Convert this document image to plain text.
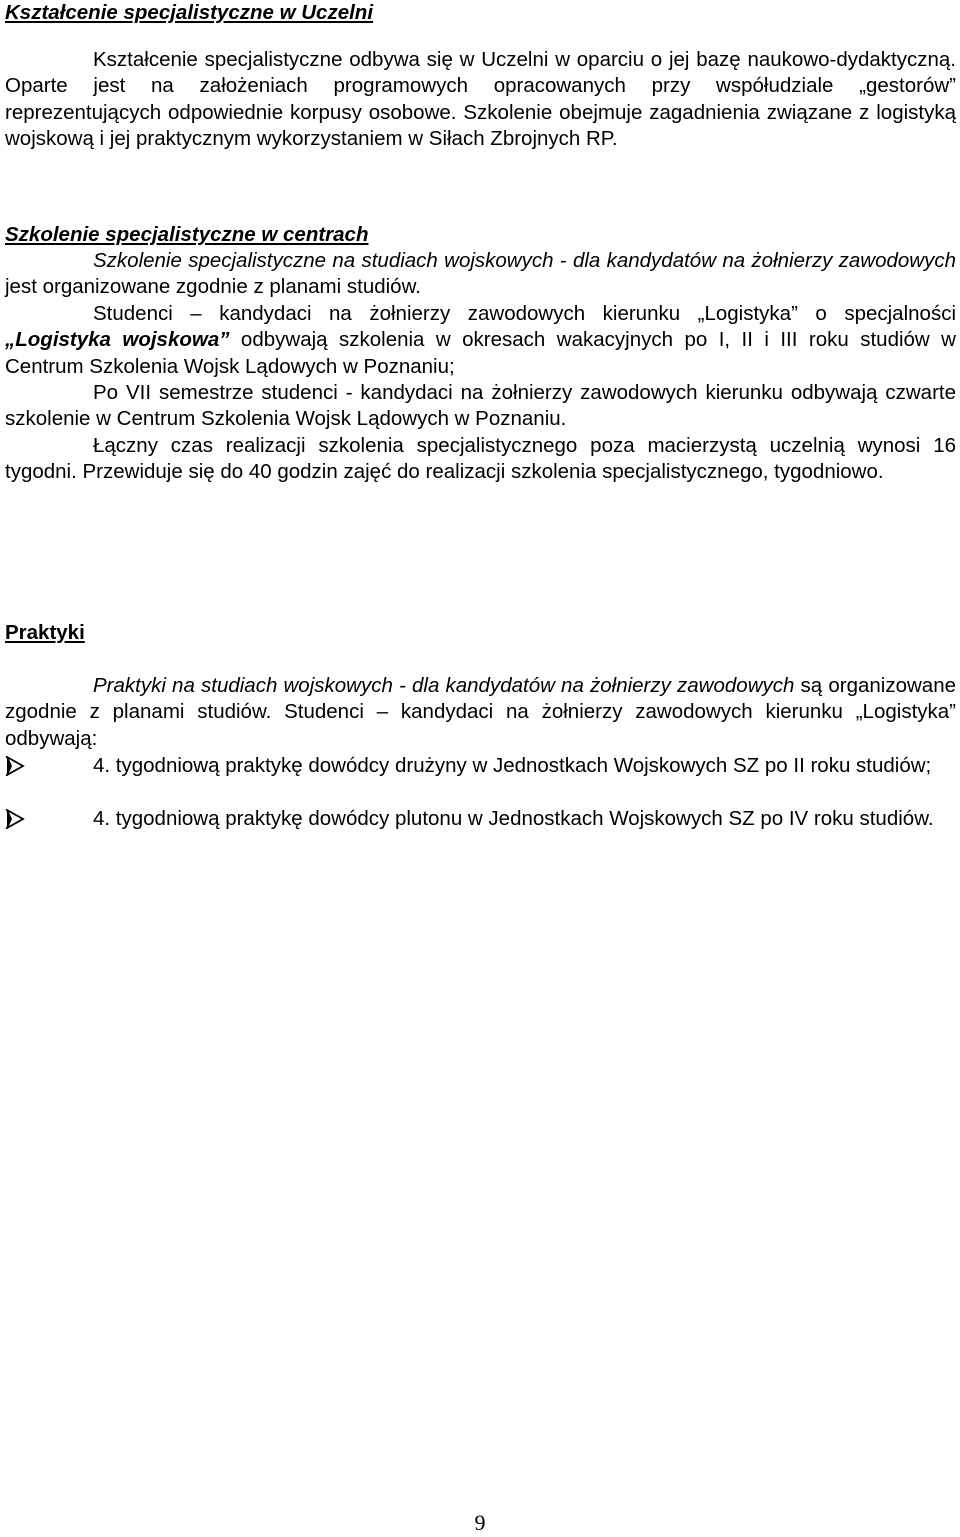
Kształcenie specjalistyczne w Uczelni

Kształcenie specjalistyczne odbywa się w Uczelni w oparciu o jej bazę naukowo-dydaktyczną. Oparte jest na założeniach programowych opracowanych przy współudziale „gestorów” reprezentujących odpowiednie korpusy osobowe. Szkolenie obejmuje zagadnienia związane z logistyką wojskową i jej praktycznym wykorzystaniem w Siłach Zbrojnych RP.

Szkolenie specjalistyczne w centrach

Szkolenie specjalistyczne na studiach wojskowych - dla kandydatów na żołnierzy zawodowych jest organizowane zgodnie z planami studiów.

Studenci – kandydaci na żołnierzy zawodowych kierunku „Logistyka” o specjalności „Logistyka wojskowa” odbywają szkolenia w okresach wakacyjnych po I, II i III roku studiów w Centrum Szkolenia Wojsk Lądowych w Poznaniu;

Po VII semestrze studenci - kandydaci na żołnierzy zawodowych kierunku odbywają czwarte szkolenie w Centrum Szkolenia Wojsk Lądowych w Poznaniu.

Łączny czas realizacji szkolenia specjalistycznego poza macierzystą uczelnią wynosi 16 tygodni. Przewiduje się do 40 godzin zajęć do realizacji szkolenia specjalistycznego, tygodniowo.

Praktyki

Praktyki na studiach wojskowych - dla kandydatów na żołnierzy zawodowych są organizowane zgodnie z planami studiów. Studenci – kandydaci na żołnierzy zawodowych kierunku „Logistyka” odbywają:

4. tygodniową praktykę dowódcy drużyny w Jednostkach Wojskowych SZ po II roku studiów;
4. tygodniową praktykę dowódcy plutonu w Jednostkach Wojskowych SZ po IV roku studiów.
9
